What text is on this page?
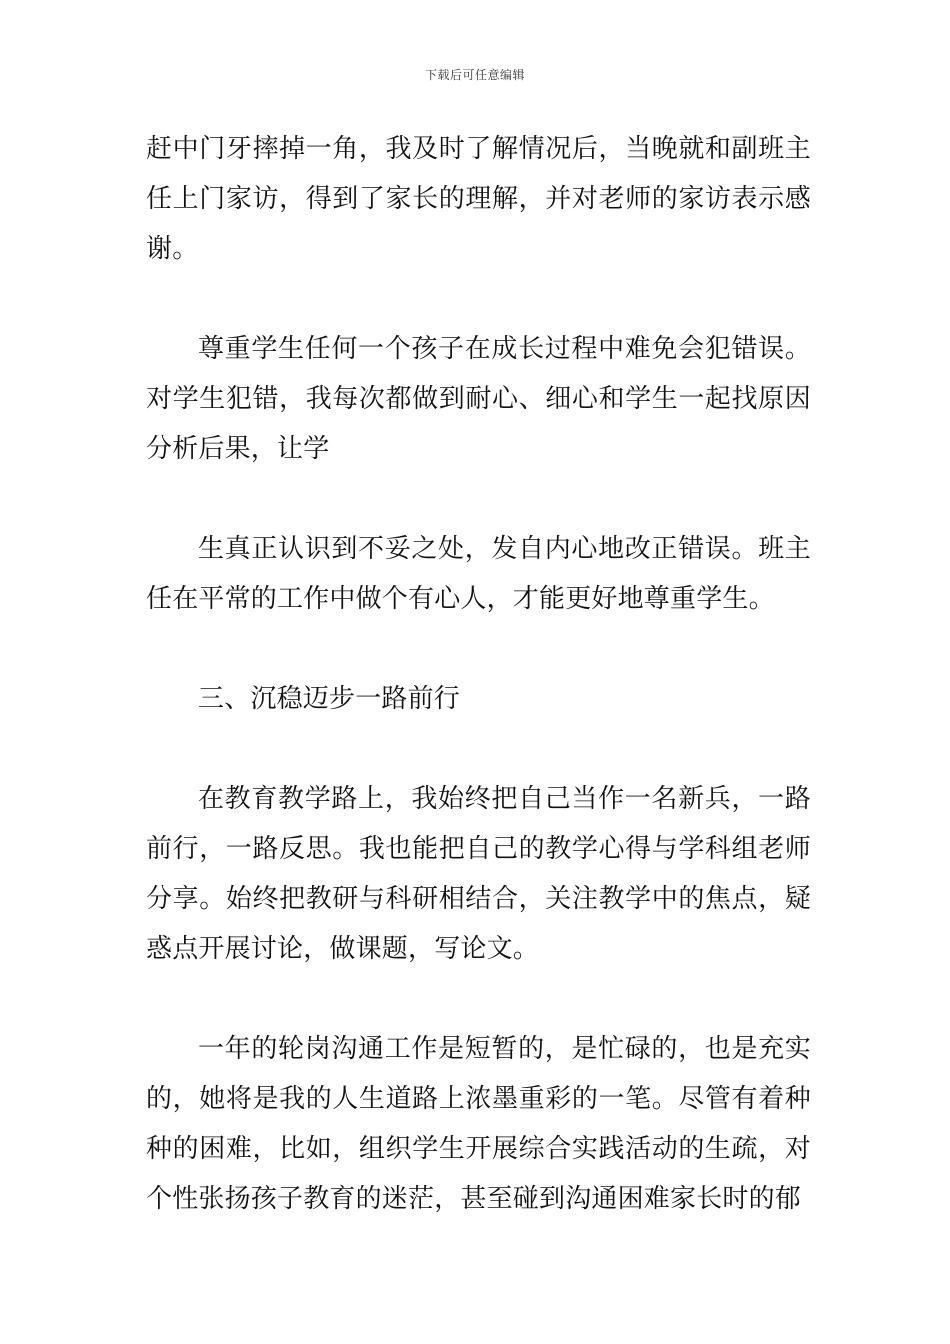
下载后可任意编辑

赶中门牙摔掉一角，我及时了解情况后，当晚就和副班主任上门家访，得到了家长的理解，并对老师的家访表示感谢。

尊重学生任何一个孩子在成长过程中难免会犯错误。对学生犯错，我每次都做到耐心、细心和学生一起找原因分析后果，让学

生真正认识到不妥之处，发自内心地改正错误。班主任在平常的工作中做个有心人，才能更好地尊重学生。

三、沉稳迈步一路前行

在教育教学路上，我始终把自己当作一名新兵，一路前行，一路反思。我也能把自己的教学心得与学科组老师分享。始终把教研与科研相结合，关注教学中的焦点，疑惑点开展讨论，做课题，写论文。

一年的轮岗沟通工作是短暂的，是忙碌的，也是充实的，她将是我的人生道路上浓墨重彩的一笔。尽管有着种种的困难，比如，组织学生开展综合实践活动的生疏，对个性张扬孩子教育的迷茫，甚至碰到沟通困难家长时的郁
